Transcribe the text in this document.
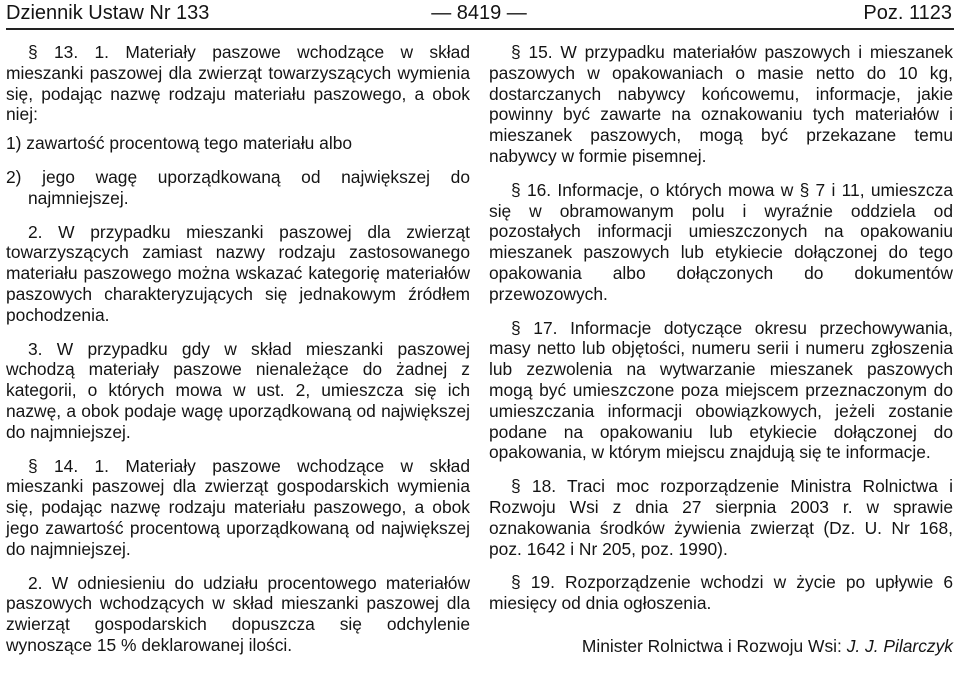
Dziennik Ustaw Nr 133	— 8419 —	Poz. 1123

§ 13. 1. Materiały paszowe wchodzące w skład mieszanki paszowej dla zwierząt towarzyszących wymienia się, podając nazwę rodzaju materiału paszowego, a obok niej:

1) zawartość procentową tego materiału albo

2) jego wagę uporządkowaną od największej do najmniejszej.

2. W przypadku mieszanki paszowej dla zwierząt towarzyszących zamiast nazwy rodzaju zastosowanego materiału paszowego można wskazać kategorię materiałów paszowych charakteryzujących się jednakowym źródłem pochodzenia.

3. W przypadku gdy w skład mieszanki paszowej wchodzą materiały paszowe nienależące do żadnej z kategorii, o których mowa w ust. 2, umieszcza się ich nazwę, a obok podaje wagę uporządkowaną od największej do najmniejszej.

§ 14. 1. Materiały paszowe wchodzące w skład mieszanki paszowej dla zwierząt gospodarskich wymienia się, podając nazwę rodzaju materiału paszowego, a obok jego zawartość procentową uporządkowaną od największej do najmniejszej.

2. W odniesieniu do udziału procentowego materiałów paszowych wchodzących w skład mieszanki paszowej dla zwierząt gospodarskich dopuszcza się odchylenie wynoszące 15 % deklarowanej ilości.

§ 15. W przypadku materiałów paszowych i mieszanek paszowych w opakowaniach o masie netto do 10 kg, dostarczanych nabywcy końcowemu, informacje, jakie powinny być zawarte na oznakowaniu tych materiałów i mieszanek paszowych, mogą być przekazane temu nabywcy w formie pisemnej.

§ 16. Informacje, o których mowa w § 7 i 11, umieszcza się w obramowanym polu i wyraźnie oddziela od pozostałych informacji umieszczonych na opakowaniu mieszanek paszowych lub etykiecie dołączonej do tego opakowania albo dołączonych do dokumentów przewozowych.

§ 17. Informacje dotyczące okresu przechowywania, masy netto lub objętości, numeru serii i numeru zgłoszenia lub zezwolenia na wytwarzanie mieszanek paszowych mogą być umieszczone poza miejscem przeznaczonym do umieszczania informacji obowiązkowych, jeżeli zostanie podane na opakowaniu lub etykiecie dołączonej do opakowania, w którym miejscu znajdują się te informacje.

§ 18. Traci moc rozporządzenie Ministra Rolnictwa i Rozwoju Wsi z dnia 27 sierpnia 2003 r. w sprawie oznakowania środków żywienia zwierząt (Dz. U. Nr 168, poz. 1642 i Nr 205, poz. 1990).

§ 19. Rozporządzenie wchodzi w życie po upływie 6 miesięcy od dnia ogłoszenia.

Minister Rolnictwa i Rozwoju Wsi: J. J. Pilarczyk
